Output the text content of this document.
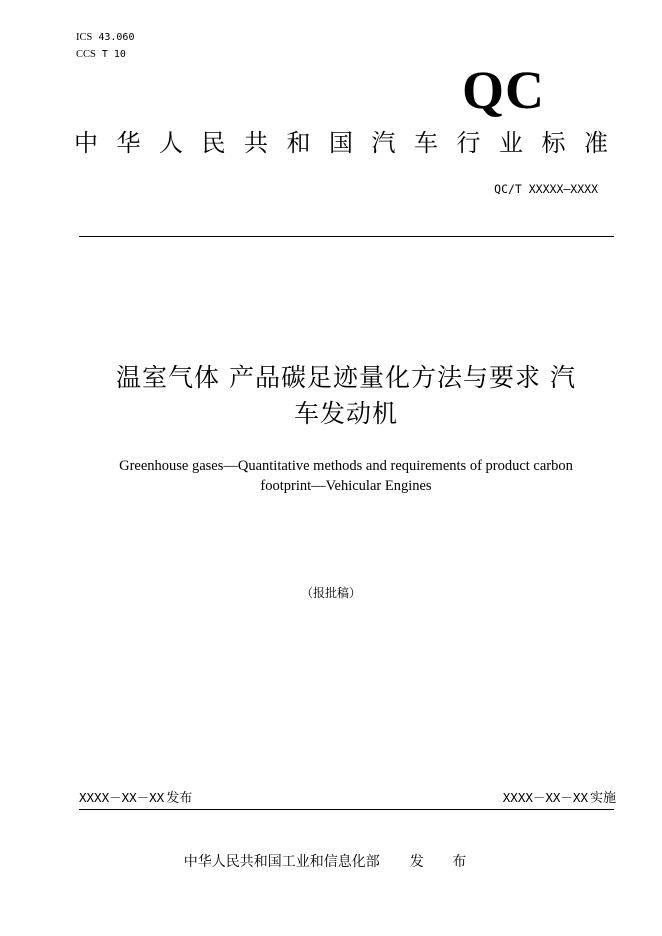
ICS 43.060
CCS T 10
QC
中华人民共和国汽车行业标准
QC/T XXXXX—XXXX
温室气体 产品碳足迹量化方法与要求 汽
车发动机
Greenhouse gases—Quantitative methods and requirements of product carbon
footprint—Vehicular Engines
（报批稿）
XXXX－XX－XX 发布	XXXX－XX－XX 实施
中华人民共和国工业和信息化部 发 布
